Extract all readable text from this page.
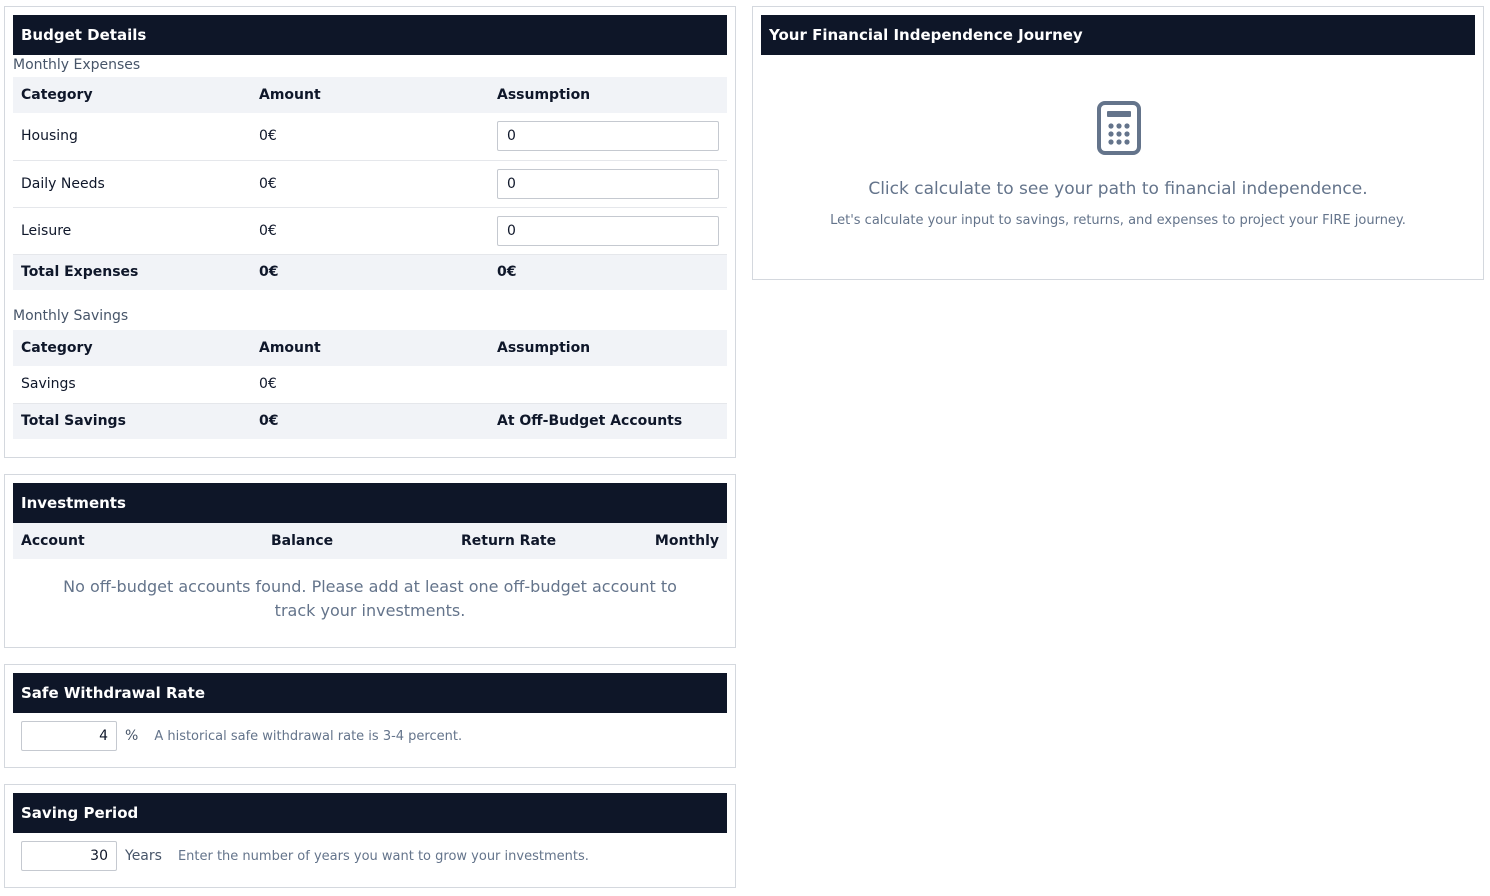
Budget Details
Monthly Expenses
Category	Amount	Assumption
Housing	0€	0
Daily Needs	0€	0
Leisure	0€	0
Total Expenses	0€	0€
Monthly Savings
Category	Amount	Assumption
Savings	0€	
Total Savings	0€	At Off-Budget Accounts
Investments
Account	Balance	Return Rate	Monthly
No off-budget accounts found. Please add at least one off-budget account to track your investments.
Safe Withdrawal Rate
4
% A historical safe withdrawal rate is 3-4 percent.
Saving Period
30
Years Enter the number of years you want to grow your investments.
Your Financial Independence Journey
Click calculate to see your path to financial independence.
Let's calculate your input to savings, returns, and expenses to project your FIRE journey.
